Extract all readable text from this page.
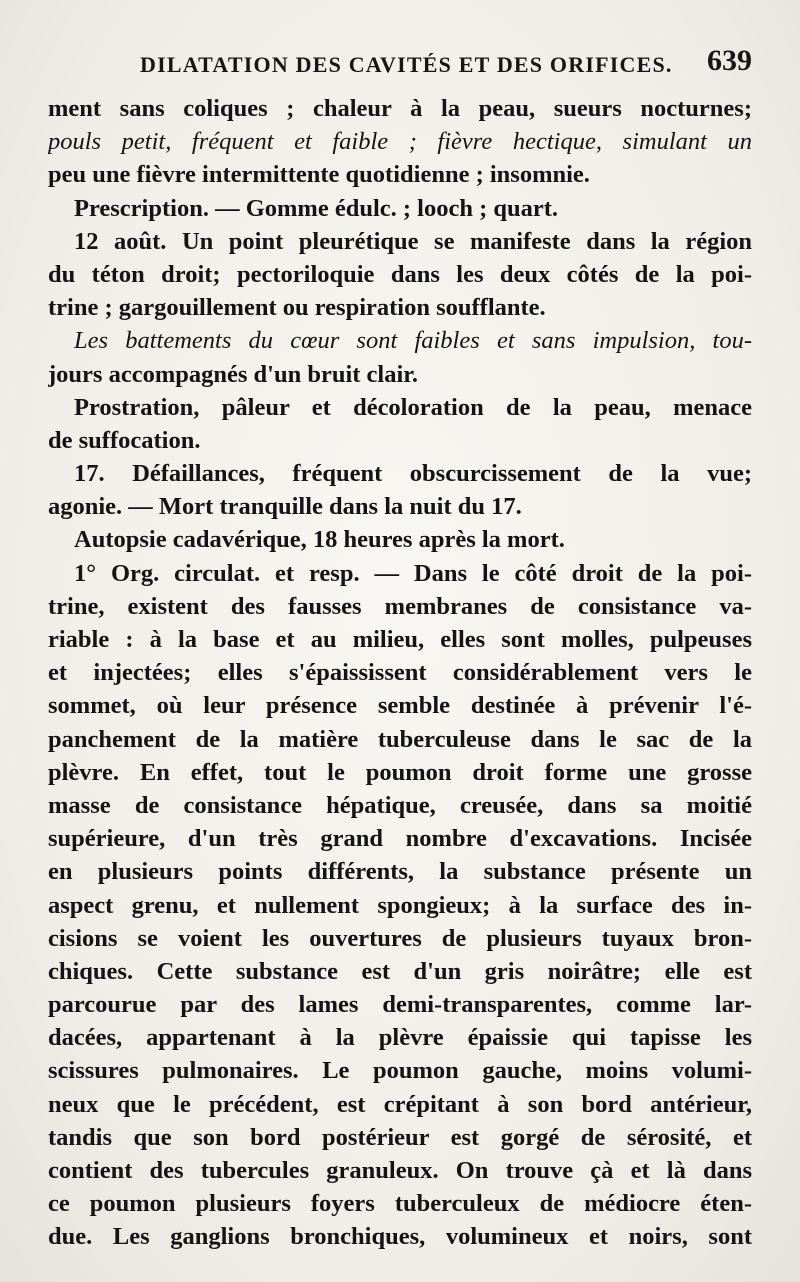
DILATATION DES CAVITÉS ET DES ORIFICES. 639
ment sans coliques ; chaleur à la peau, sueurs nocturnes;
pouls petit, fréquent et faible ; fièvre hectique, simulant un
peu une fièvre intermittente quotidienne ; insomnie.
Prescription. — Gomme édulc. ; looch ; quart.
12 août. Un point pleurétique se manifeste dans la région
du téton droit; pectoriloquie dans les deux côtés de la poi-
trine ; gargouillement ou respiration soufflante.
Les battements du cœur sont faibles et sans impulsion, tou-
jours accompagnés d'un bruit clair.
Prostration, pâleur et décoloration de la peau, menace
de suffocation.
17. Défaillances, fréquent obscurcissement de la vue;
agonie. — Mort tranquille dans la nuit du 17.
Autopsie cadavérique, 18 heures après la mort.
1° Org. circulat. et resp. — Dans le côté droit de la poi-
trine, existent des fausses membranes de consistance va-
riable : à la base et au milieu, elles sont molles, pulpeuses
et injectées; elles s'épaississent considérablement vers le
sommet, où leur présence semble destinée à prévenir l'é-
panchement de la matière tuberculeuse dans le sac de la
plèvre. En effet, tout le poumon droit forme une grosse
masse de consistance hépatique, creusée, dans sa moitié
supérieure, d'un très grand nombre d'excavations. Incisée
en plusieurs points différents, la substance présente un
aspect grenu, et nullement spongieux; à la surface des in-
cisions se voient les ouvertures de plusieurs tuyaux bron-
chiques. Cette substance est d'un gris noirâtre; elle est
parcourue par des lames demi-transparentes, comme lar-
dacées, appartenant à la plèvre épaissie qui tapisse les
scissures pulmonaires. Le poumon gauche, moins volumi-
neux que le précédent, est crépitant à son bord antérieur,
tandis que son bord postérieur est gorgé de sérosité, et
contient des tubercules granuleux. On trouve çà et là dans
ce poumon plusieurs foyers tuberculeux de médiocre éten-
due. Les ganglions bronchiques, volumineux et noirs, sont
